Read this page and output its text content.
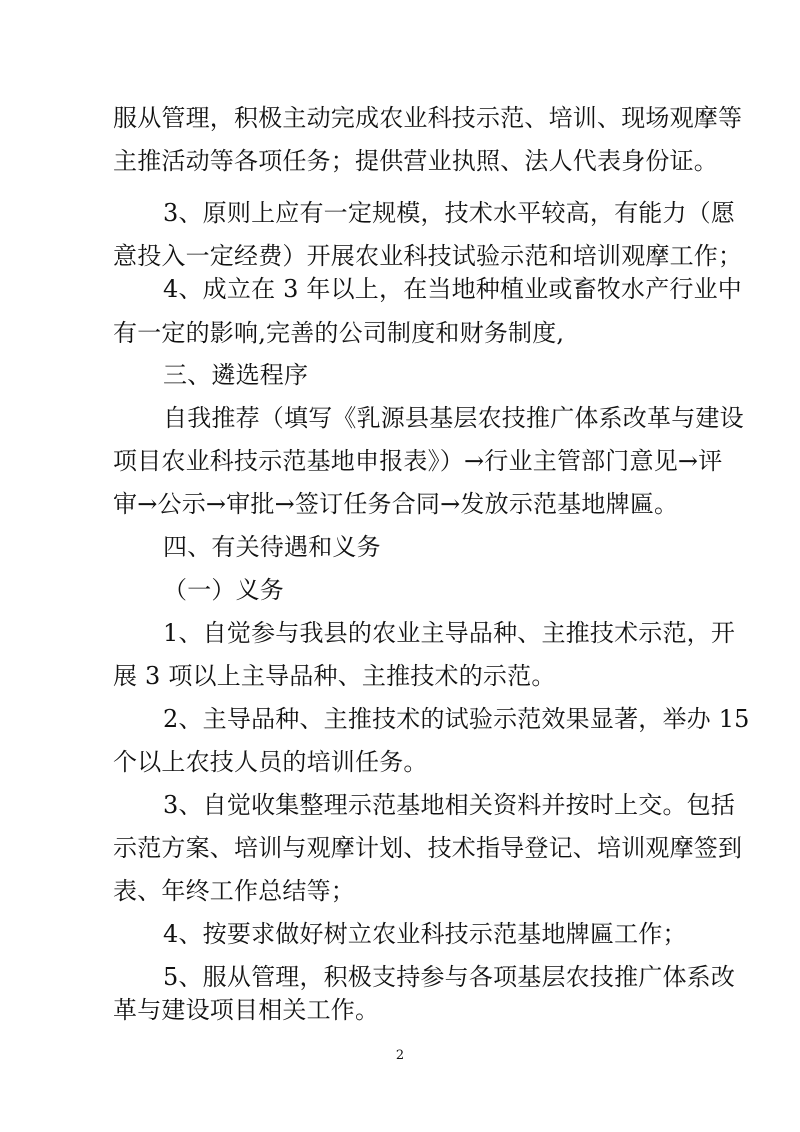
服从管理，积极主动完成农业科技示范、培训、现场观摩等
主推活动等各项任务；提供营业执照、法人代表身份证。
3、原则上应有一定规模，技术水平较高，有能力（愿
意投入一定经费）开展农业科技试验示范和培训观摩工作；
4、成立在 3 年以上，在当地种植业或畜牧水产行业中
有一定的影响,完善的公司制度和财务制度,
三、遴选程序
自我推荐（填写《乳源县基层农技推广体系改革与建设
项目农业科技示范基地申报表》）→行业主管部门意见→评
审→公示→审批→签订任务合同→发放示范基地牌匾。
四、有关待遇和义务
（一）义务
1、自觉参与我县的农业主导品种、主推技术示范，开
展 3 项以上主导品种、主推技术的示范。
2、主导品种、主推技术的试验示范效果显著，举办 15
个以上农技人员的培训任务。
3、自觉收集整理示范基地相关资料并按时上交。包括
示范方案、培训与观摩计划、技术指导登记、培训观摩签到
表、年终工作总结等；
4、按要求做好树立农业科技示范基地牌匾工作；
5、服从管理，积极支持参与各项基层农技推广体系改
革与建设项目相关工作。
2
